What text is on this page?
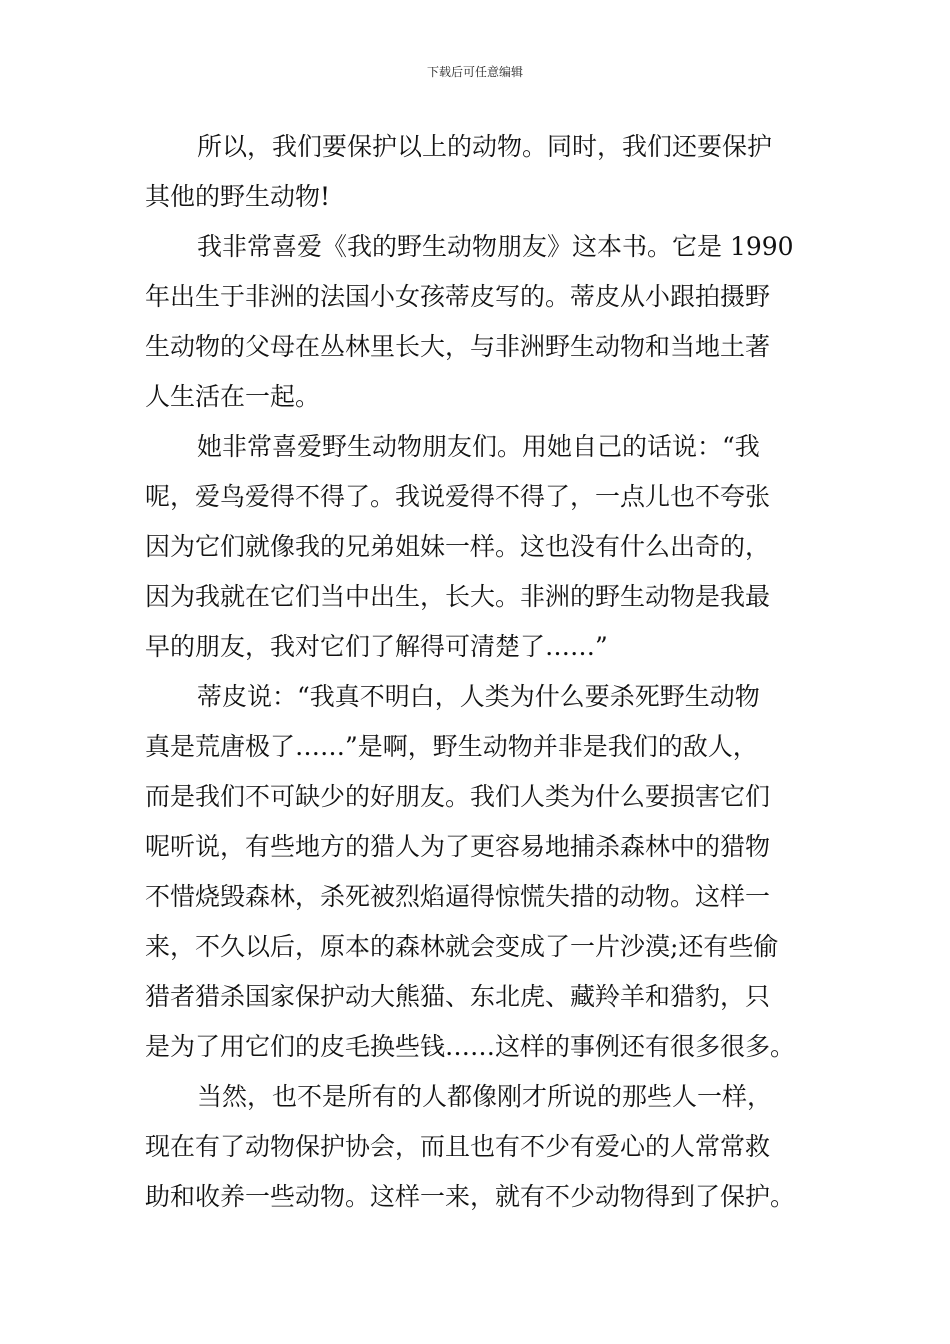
下载后可任意编辑
所以，我们要保护以上的动物。同时，我们还要保护
其他的野生动物!
我非常喜爱《我的野生动物朋友》这本书。它是 1990
年出生于非洲的法国小女孩蒂皮写的。蒂皮从小跟拍摄野
生动物的父母在丛林里长大，与非洲野生动物和当地土著
人生活在一起。
她非常喜爱野生动物朋友们。用她自己的话说：“我
呢，爱鸟爱得不得了。我说爱得不得了，一点儿也不夸张
因为它们就像我的兄弟姐妹一样。这也没有什么出奇的，
因为我就在它们当中出生，长大。非洲的野生动物是我最
早的朋友，我对它们了解得可清楚了……”
蒂皮说：“我真不明白，人类为什么要杀死野生动物
真是荒唐极了……”是啊，野生动物并非是我们的敌人，
而是我们不可缺少的好朋友。我们人类为什么要损害它们
呢听说，有些地方的猎人为了更容易地捕杀森林中的猎物
不惜烧毁森林，杀死被烈焰逼得惊慌失措的动物。这样一
来，不久以后，原本的森林就会变成了一片沙漠;还有些偷
猎者猎杀国家保护动大熊猫、东北虎、藏羚羊和猎豹，只
是为了用它们的皮毛换些钱……这样的事例还有很多很多。
当然，也不是所有的人都像刚才所说的那些人一样，
现在有了动物保护协会，而且也有不少有爱心的人常常救
助和收养一些动物。这样一来，就有不少动物得到了保护。
